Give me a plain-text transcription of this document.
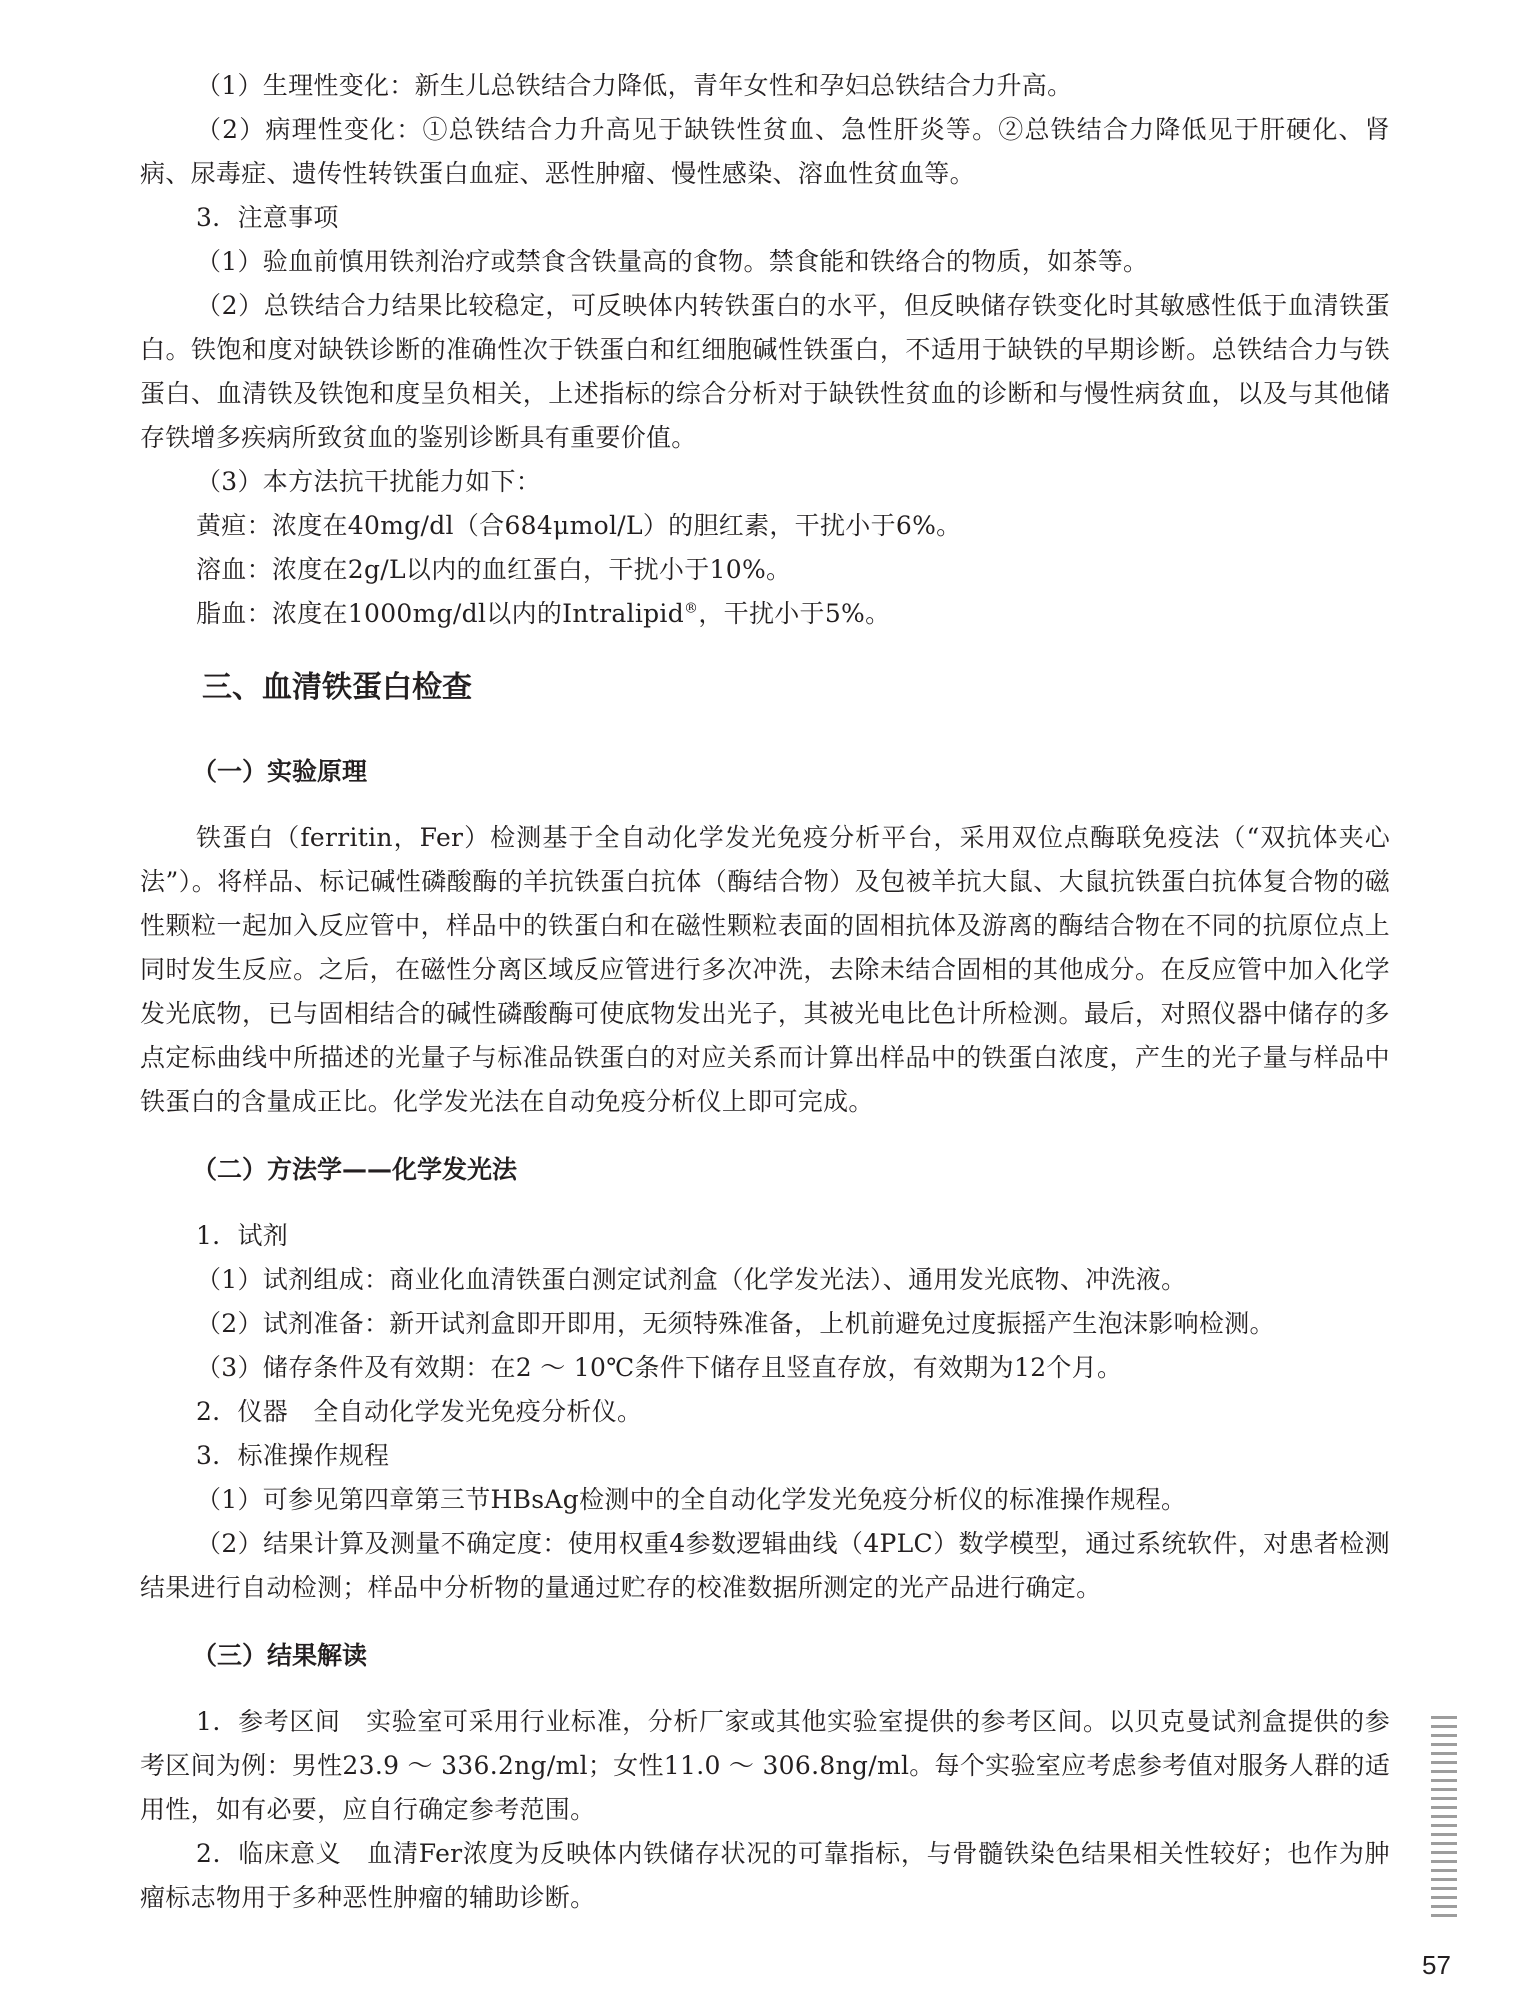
（1）生理性变化：新生儿总铁结合力降低，青年女性和孕妇总铁结合力升高。

（2）病理性变化：①总铁结合力升高见于缺铁性贫血、急性肝炎等。②总铁结合力降低见于肝硬化、肾病、尿毒症、遗传性转铁蛋白血症、恶性肿瘤、慢性感染、溶血性贫血等。

3．注意事项

（1）验血前慎用铁剂治疗或禁食含铁量高的食物。禁食能和铁络合的物质，如茶等。

（2）总铁结合力结果比较稳定，可反映体内转铁蛋白的水平，但反映储存铁变化时其敏感性低于血清铁蛋白。铁饱和度对缺铁诊断的准确性次于铁蛋白和红细胞碱性铁蛋白，不适用于缺铁的早期诊断。总铁结合力与铁蛋白、血清铁及铁饱和度呈负相关，上述指标的综合分析对于缺铁性贫血的诊断和与慢性病贫血，以及与其他储存铁增多疾病所致贫血的鉴别诊断具有重要价值。

（3）本方法抗干扰能力如下：

黄疸：浓度在40mg/dl（合684μmol/L）的胆红素，干扰小于6%。

溶血：浓度在2g/L以内的血红蛋白，干扰小于10%。

脂血：浓度在1000mg/dl以内的Intralipid®，干扰小于5%。

三、血清铁蛋白检查
（一）实验原理

铁蛋白（ferritin，Fer）检测基于全自动化学发光免疫分析平台，采用双位点酶联免疫法（“双抗体夹心法”）。将样品、标记碱性磷酸酶的羊抗铁蛋白抗体（酶结合物）及包被羊抗大鼠、大鼠抗铁蛋白抗体复合物的磁性颗粒一起加入反应管中，样品中的铁蛋白和在磁性颗粒表面的固相抗体及游离的酶结合物在不同的抗原位点上同时发生反应。之后，在磁性分离区域反应管进行多次冲洗，去除未结合固相的其他成分。在反应管中加入化学发光底物，已与固相结合的碱性磷酸酶可使底物发出光子，其被光电比色计所检测。最后，对照仪器中储存的多点定标曲线中所描述的光量子与标准品铁蛋白的对应关系而计算出样品中的铁蛋白浓度，产生的光子量与样品中铁蛋白的含量成正比。化学发光法在自动免疫分析仪上即可完成。

（二）方法学——化学发光法

1．试剂

（1）试剂组成：商业化血清铁蛋白测定试剂盒（化学发光法）、通用发光底物、冲洗液。

（2）试剂准备：新开试剂盒即开即用，无须特殊准备，上机前避免过度振摇产生泡沫影响检测。

（3）储存条件及有效期：在2 ～ 10℃条件下储存且竖直存放，有效期为12个月。

2．仪器　全自动化学发光免疫分析仪。

3．标准操作规程

（1）可参见第四章第三节HBsAg检测中的全自动化学发光免疫分析仪的标准操作规程。

（2）结果计算及测量不确定度：使用权重4参数逻辑曲线（4PLC）数学模型，通过系统软件，对患者检测结果进行自动检测；样品中分析物的量通过贮存的校准数据所测定的光产品进行确定。

（三）结果解读

1．参考区间　实验室可采用行业标准，分析厂家或其他实验室提供的参考区间。以贝克曼试剂盒提供的参考区间为例：男性23.9 ～ 336.2ng/ml；女性11.0 ～ 306.8ng/ml。每个实验室应考虑参考值对服务人群的适用性，如有必要，应自行确定参考范围。

2．临床意义　血清Fer浓度为反映体内铁储存状况的可靠指标，与骨髓铁染色结果相关性较好；也作为肿瘤标志物用于多种恶性肿瘤的辅助诊断。

57
